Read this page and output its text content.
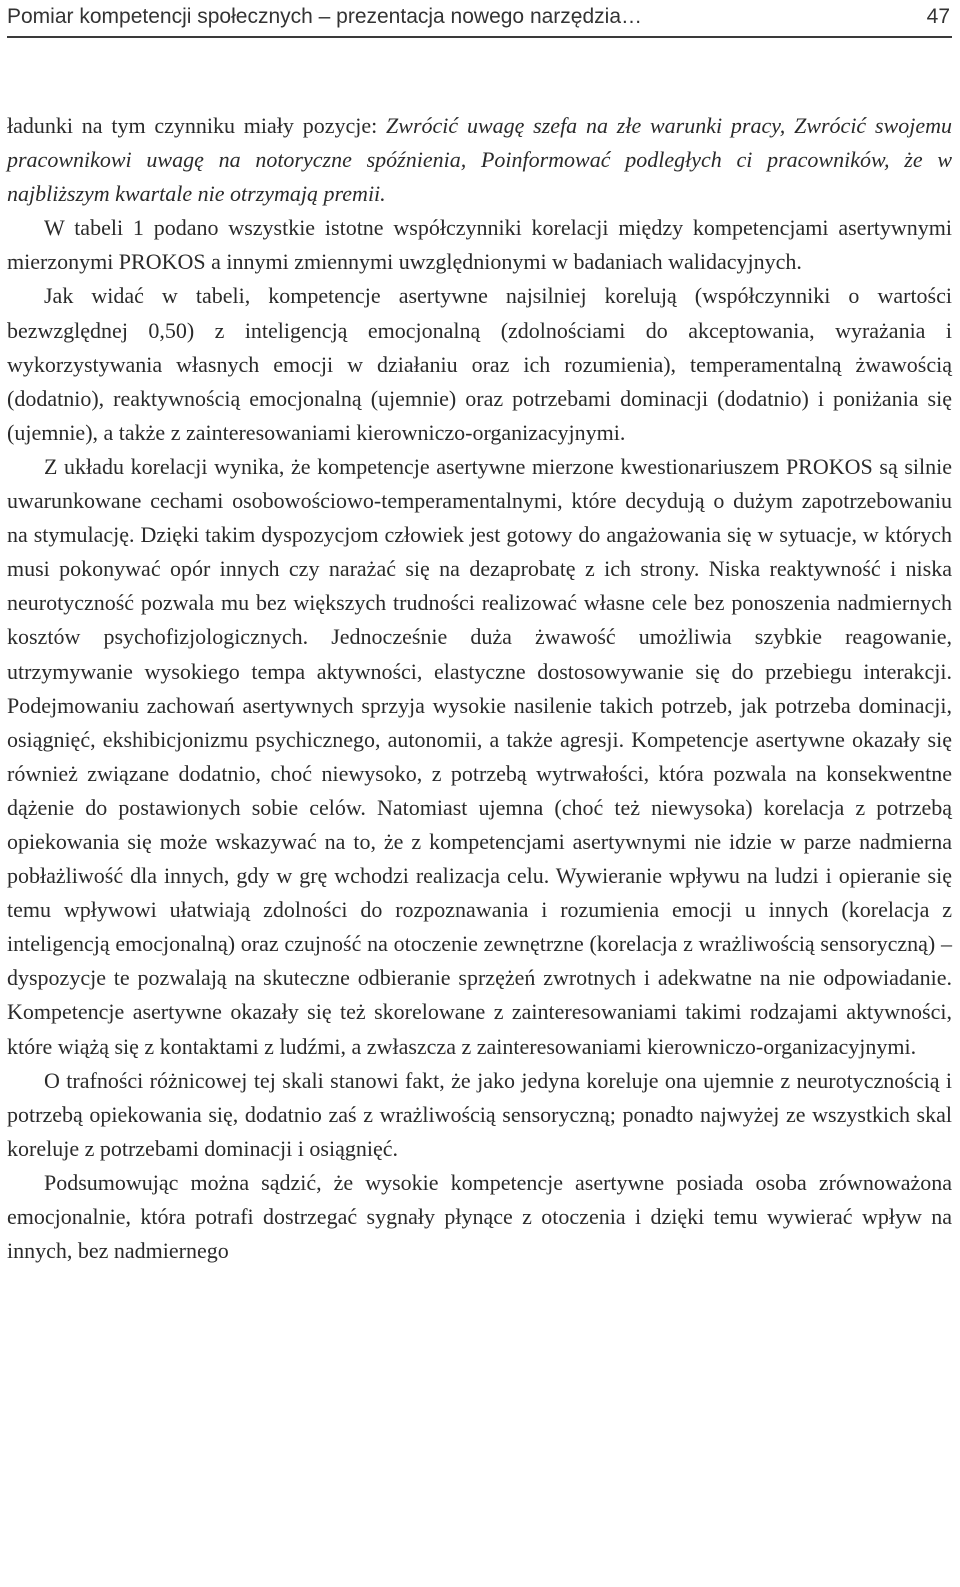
Pomiar kompetencji społecznych – prezentacja nowego narzędzia…	47

ładunki na tym czynniku miały pozycje: Zwrócić uwagę szefa na złe warunki pracy, Zwrócić swojemu pracownikowi uwagę na notoryczne spóźnienia, Poinformować podległych ci pracowników, że w najbliższym kwartale nie otrzymają premii.

W tabeli 1 podano wszystkie istotne współczynniki korelacji między kompetencjami asertywnymi mierzonymi PROKOS a innymi zmiennymi uwzględnionymi w badaniach walidacyjnych.

Jak widać w tabeli, kompetencje asertywne najsilniej korelują (współczynniki o wartości bezwzględnej 0,50) z inteligencją emocjonalną (zdolnościami do akceptowania, wyrażania i wykorzystywania własnych emocji w działaniu oraz ich rozumienia), temperamentalną żwawością (dodatnio), reaktywnością emocjonalną (ujemnie) oraz potrzebami dominacji (dodatnio) i poniżania się (ujemnie), a także z zainteresowaniami kierowniczo-organizacyjnymi.

Z układu korelacji wynika, że kompetencje asertywne mierzone kwestionariuszem PROKOS są silnie uwarunkowane cechami osobowościowo-temperamentalnymi, które decydują o dużym zapotrzebowaniu na stymulację. Dzięki takim dyspozycjom człowiek jest gotowy do angażowania się w sytuacje, w których musi pokonywać opór innych czy narażać się na dezaprobatę z ich strony. Niska reaktywność i niska neurotyczność pozwala mu bez większych trudności realizować własne cele bez ponoszenia nadmiernych kosztów psychofizjologicznych. Jednocześnie duża żwawość umożliwia szybkie reagowanie, utrzymywanie wysokiego tempa aktywności, elastyczne dostosowywanie się do przebiegu interakcji. Podejmowaniu zachowań asertywnych sprzyja wysokie nasilenie takich potrzeb, jak potrzeba dominacji, osiągnięć, ekshibicjonizmu psychicznego, autonomii, a także agresji. Kompetencje asertywne okazały się również związane dodatnio, choć niewysoko, z potrzebą wytrwałości, która pozwala na konsekwentne dążenie do postawionych sobie celów. Natomiast ujemna (choć też niewysoka) korelacja z potrzebą opiekowania się może wskazywać na to, że z kompetencjami asertywnymi nie idzie w parze nadmierna pobłażliwość dla innych, gdy w grę wchodzi realizacja celu. Wywieranie wpływu na ludzi i opieranie się temu wpływowi ułatwiają zdolności do rozpoznawania i rozumienia emocji u innych (korelacja z inteligencją emocjonalną) oraz czujność na otoczenie zewnętrzne (korelacja z wrażliwością sensoryczną) – dyspozycje te pozwalają na skuteczne odbieranie sprzężeń zwrotnych i adekwatne na nie odpowiadanie. Kompetencje asertywne okazały się też skorelowane z zainteresowaniami takimi rodzajami aktywności, które wiążą się z kontaktami z ludźmi, a zwłaszcza z zainteresowaniami kierowniczo-organizacyjnymi.

O trafności różnicowej tej skali stanowi fakt, że jako jedyna koreluje ona ujemnie z neurotycznością i potrzebą opiekowania się, dodatnio zaś z wrażliwością sensoryczną; ponadto najwyżej ze wszystkich skal koreluje z potrzebami dominacji i osiągnięć.

Podsumowując można sądzić, że wysokie kompetencje asertywne posiada osoba zrównoważona emocjonalnie, która potrafi dostrzegać sygnały płynące z otoczenia i dzięki temu wywierać wpływ na innych, bez nadmiernego
